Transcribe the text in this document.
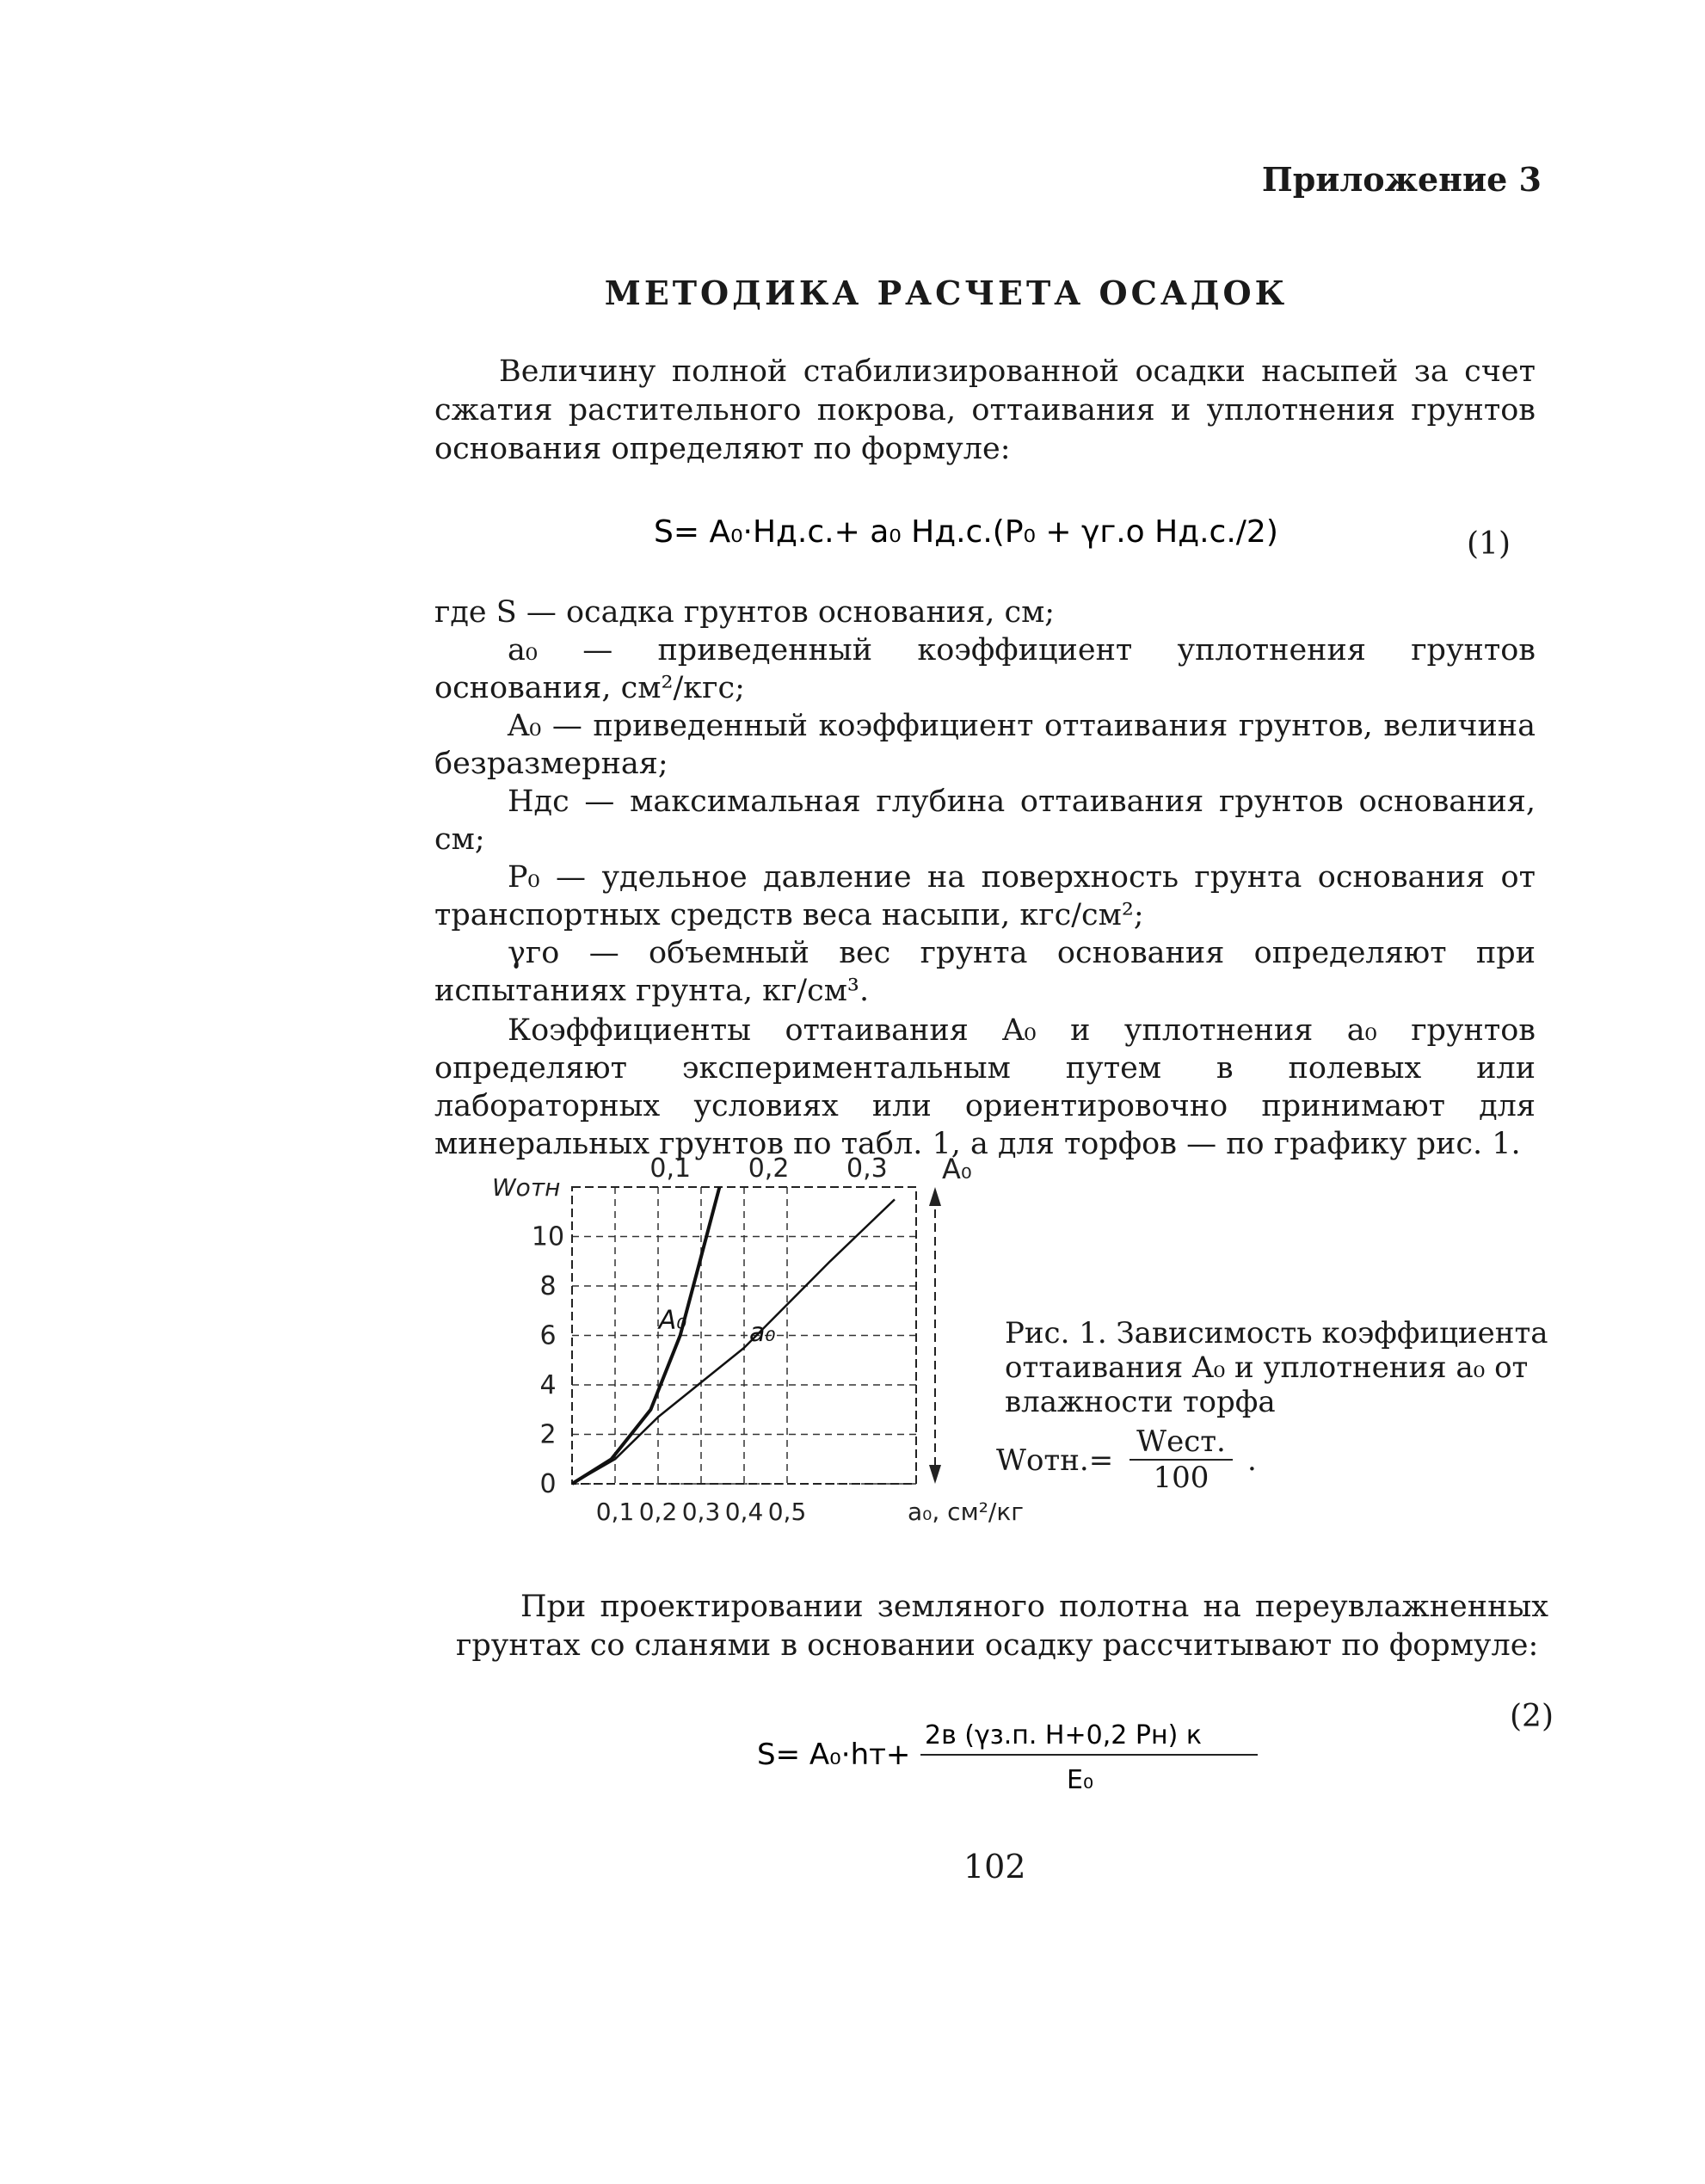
Приложение 3
МЕТОДИКА РАСЧЕТА ОСАДОК
Величину полной стабилизированной осадки насыпей за счет сжатия растительного покрова, оттаивания и уплотнения грунтов основания определяют по формуле:
S= A₀·Hд.с.+ a₀ Hд.с.(P₀ + γг.о Hд.с./2)	(1)

где S — осадка грунтов основания, см;

a₀ — приведенный коэффициент уплотнения грунтов основания, см²/кгс;

A₀ — приведенный коэффициент оттаивания грунтов, величина безразмерная;

Hдс — максимальная глубина оттаивания грунтов основания, см;

P₀ — удельное давление на поверхность грунта основания от транспортных средств веса насыпи, кгс/см²;

γго — объемный вес грунта основания определяют при испытаниях грунта, кг/см³.

Коэффициенты оттаивания A₀ и уплотнения a₀ грунтов определяют экспериментальным путем в полевых или лабораторных условиях или ориентировочно принимают для минеральных грунтов по табл. 1, а для торфов — по графику рис. 1.

0
2
4
6
8
10
0,1 0,2 0,3 0,4 0,5
0,1 0,2 0,3
Wотн
A₀
a₀, см²/кг
A₀ a₀	Рис. 1. Зависимость коэффициента
оттаивания A₀ и уплотнения a₀ от
влажности торфа
Wотн.=
Wест.
100	.
При проектировании земляного полотна на переувлажненных грунтах со сланями в основании осадку рассчитывают по формуле:
S= A₀·hт+
2в (γз.п. H+0,2 Pн) к
E₀
(2)
102
